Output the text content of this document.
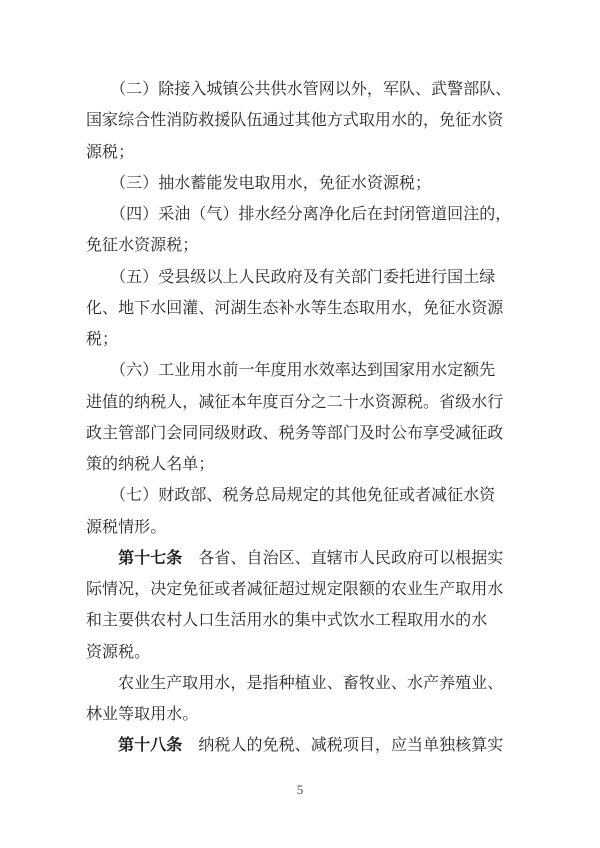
　　（二）除接入城镇公共供水管网以外，军队、武警部队、
国家综合性消防救援队伍通过其他方式取用水的，免征水资
源税；
　　（三）抽水蓄能发电取用水，免征水资源税；
　　（四）采油（气）排水经分离净化后在封闭管道回注的，
免征水资源税；
　　（五）受县级以上人民政府及有关部门委托进行国土绿
化、地下水回灌、河湖生态补水等生态取用水，免征水资源
税；
　　（六）工业用水前一年度用水效率达到国家用水定额先
进值的纳税人，减征本年度百分之二十水资源税。省级水行
政主管部门会同同级财政、税务等部门及时公布享受减征政
策的纳税人名单；
　　（七）财政部、税务总局规定的其他免征或者减征水资
源税情形。
　　第十七条　各省、自治区、直辖市人民政府可以根据实
际情况，决定免征或者减征超过规定限额的农业生产取用水
和主要供农村人口生活用水的集中式饮水工程取用水的水
资源税。
　　农业生产取用水，是指种植业、畜牧业、水产养殖业、
林业等取用水。
　　第十八条　纳税人的免税、减税项目，应当单独核算实
5
